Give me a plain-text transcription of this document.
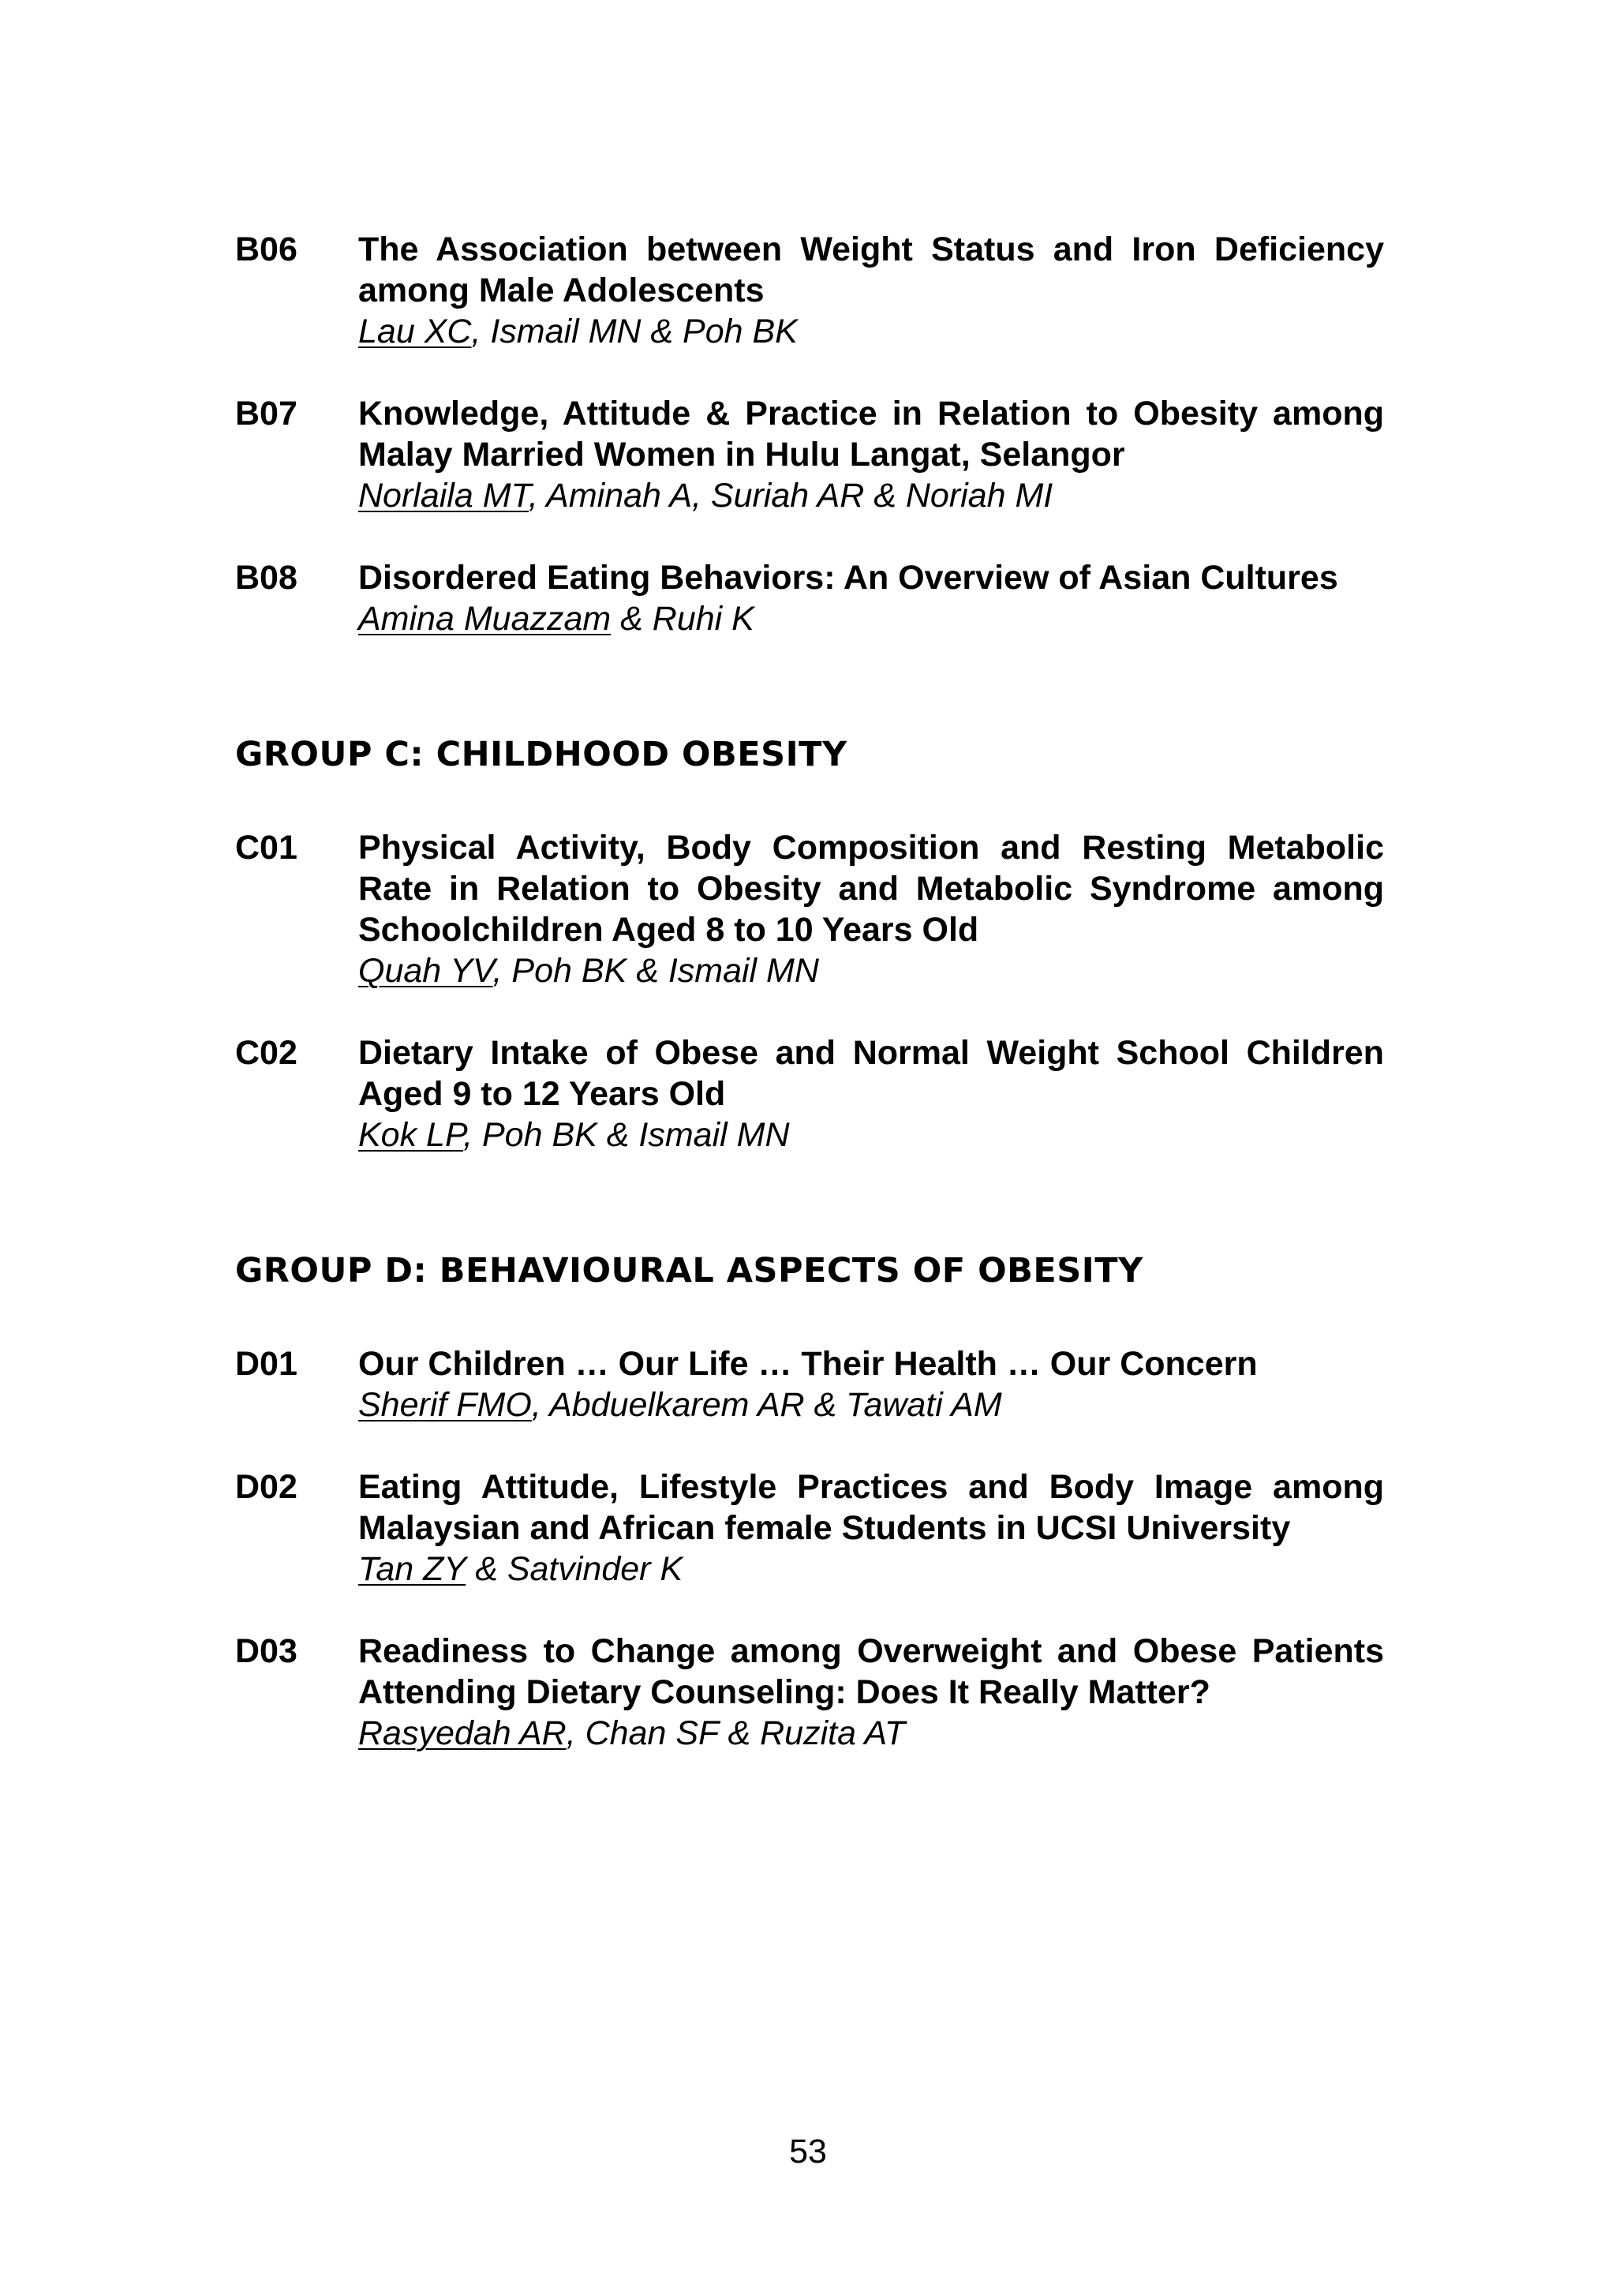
B06	The Association between Weight Status and Iron Deficiency among Male Adolescents
Lau XC, Ismail MN & Poh BK
B07	Knowledge, Attitude & Practice in Relation to Obesity among Malay Married Women in Hulu Langat, Selangor
Norlaila MT, Aminah A, Suriah AR & Noriah MI
B08	Disordered Eating Behaviors: An Overview of Asian Cultures
Amina Muazzam & Ruhi K
GROUP C: CHILDHOOD OBESITY
C01	Physical Activity, Body Composition and Resting Metabolic Rate in Relation to Obesity and Metabolic Syndrome among Schoolchildren Aged 8 to 10 Years Old
Quah YV, Poh BK & Ismail MN
C02	Dietary Intake of Obese and Normal Weight School Children Aged 9 to 12 Years Old
Kok LP, Poh BK & Ismail MN
GROUP D: BEHAVIOURAL ASPECTS OF OBESITY
D01	Our Children … Our Life … Their Health … Our Concern
Sherif FMO, Abduelkarem AR & Tawati AM
D02	Eating Attitude, Lifestyle Practices and Body Image among Malaysian and African female Students in UCSI University
Tan ZY & Satvinder K
D03	Readiness to Change among Overweight and Obese Patients Attending Dietary Counseling: Does It Really Matter?
Rasyedah AR, Chan SF & Ruzita AT
53
